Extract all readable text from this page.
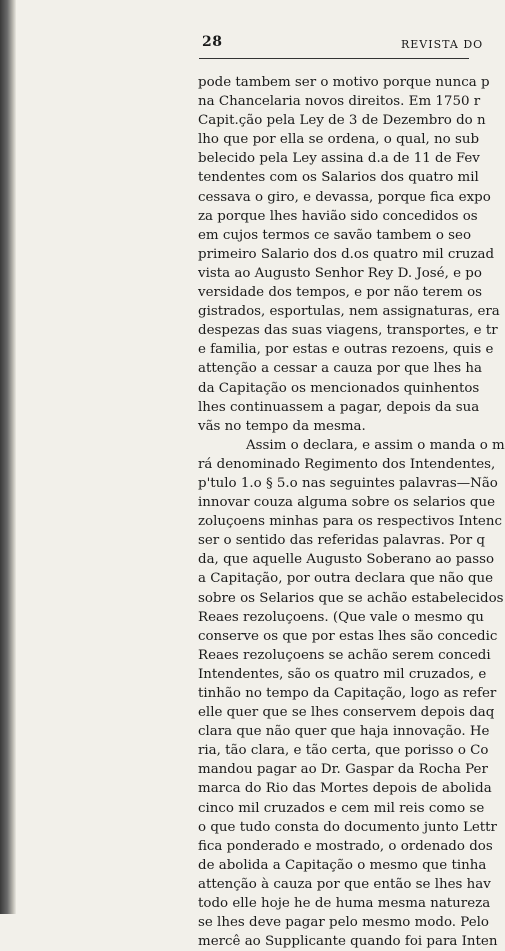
28	REVISTA DO
pode tambem ser o motivo porque nunca p
na Chancelaria novos direitos. Em 1750 r
Capit.ção pela Ley de 3 de Dezembro do n
lho que por ella se ordena, o qual, no sub
belecido pela Ley assina d.a de 11 de Fev
tendentes com os Salarios dos quatro mil
cessava o giro, e devassa, porque fica expo
za porque lhes havião sido concedidos os
em cujos termos ce savão tambem o seo
primeiro Salario dos d.os quatro mil cruzad
vista ao Augusto Senhor Rey D. José, e po
versidade dos tempos, e por não terem os
gistrados, esportulas, nem assignaturas, era
despezas das suas viagens, transportes, e tr
e familia, por estas e outras rezoens, quis e
attenção a cessar a cauza por que lhes ha
da Capitação os mencionados quinhentos
lhes continuassem a pagar, depois da sua
vãs no tempo da mesma.
Assim o declara, e assim o manda o m
rá denominado Regimento dos Intendentes,
p'tulo 1.o § 5.o nas seguintes palavras—Não
innovar couza alguma sobre os selarios que
zoluçoens minhas para os respectivos Intenc
ser o sentido das referidas palavras. Por q
da, que aquelle Augusto Soberano ao passo
a Capitação, por outra declara que não que
sobre os Selarios que se achão estabelecidos
Reaes rezoluçoens. (Que vale o mesmo qu
conserve os que por estas lhes são concedic
Reaes rezoluçoens se achão serem concedi
Intendentes, são os quatro mil cruzados, e
tinhão no tempo da Capitação, logo as refer
elle quer que se lhes conservem depois daq
clara que não quer que haja innovação. He
ria, tão clara, e tão certa, que porisso o Co
mandou pagar ao Dr. Gaspar da Rocha Per
marca do Rio das Mortes depois de abolida
cinco mil cruzados e cem mil reis como se
o que tudo consta do documento junto Lettr
fica ponderado e mostrado, o ordenado dos
de abolida a Capitação o mesmo que tinha
attenção à cauza por que então se lhes hav
todo elle hoje he de huma mesma natureza
se lhes deve pagar pelo mesmo modo. Pelo
mercê ao Supplicante quando foi para Inten
